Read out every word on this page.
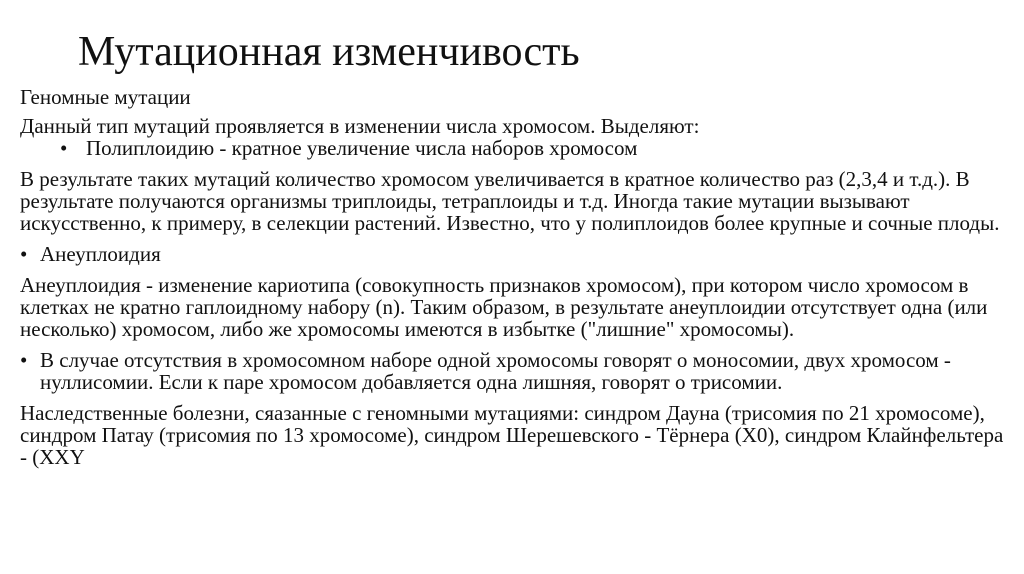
Мутационная изменчивость

Геномные мутации

Данный тип мутаций проявляется в изменении числа хромосом. Выделяют:

• Полиплоидию - кратное увеличение числа наборов хромосом

В результате таких мутаций количество хромосом увеличивается в кратное количество раз (2,3,4 и т.д.). В результате получаются организмы триплоиды, тетраплоиды и т.д. Иногда такие мутации вызывают искусственно, к примеру, в селекции растений. Известно, что у полиплоидов более крупные и сочные плоды.

• Анеуплоидия

Анеуплоидия - изменение кариотипа (совокупность признаков хромосом), при котором число хромосом в клетках не кратно гаплоидному набору (n). Таким образом, в результате анеуплоидии отсутствует одна (или несколько) хромосом, либо же хромосомы имеются в избытке ("лишние" хромосомы).

• В случае отсутствия в хромосомном наборе одной хромосомы говорят о моносомии, двух хромосом - нуллисомии. Если к паре хромосом добавляется одна лишняя, говорят о трисомии.

Наследственные болезни, сяазанные с геномными мутациями: синдром Дауна (трисомия по 21 хромосоме), синдром Патау (трисомия по 13 хромосоме), синдром Шерешевского - Тёрнера (X0), синдром Клайнфельтера - (XXY
